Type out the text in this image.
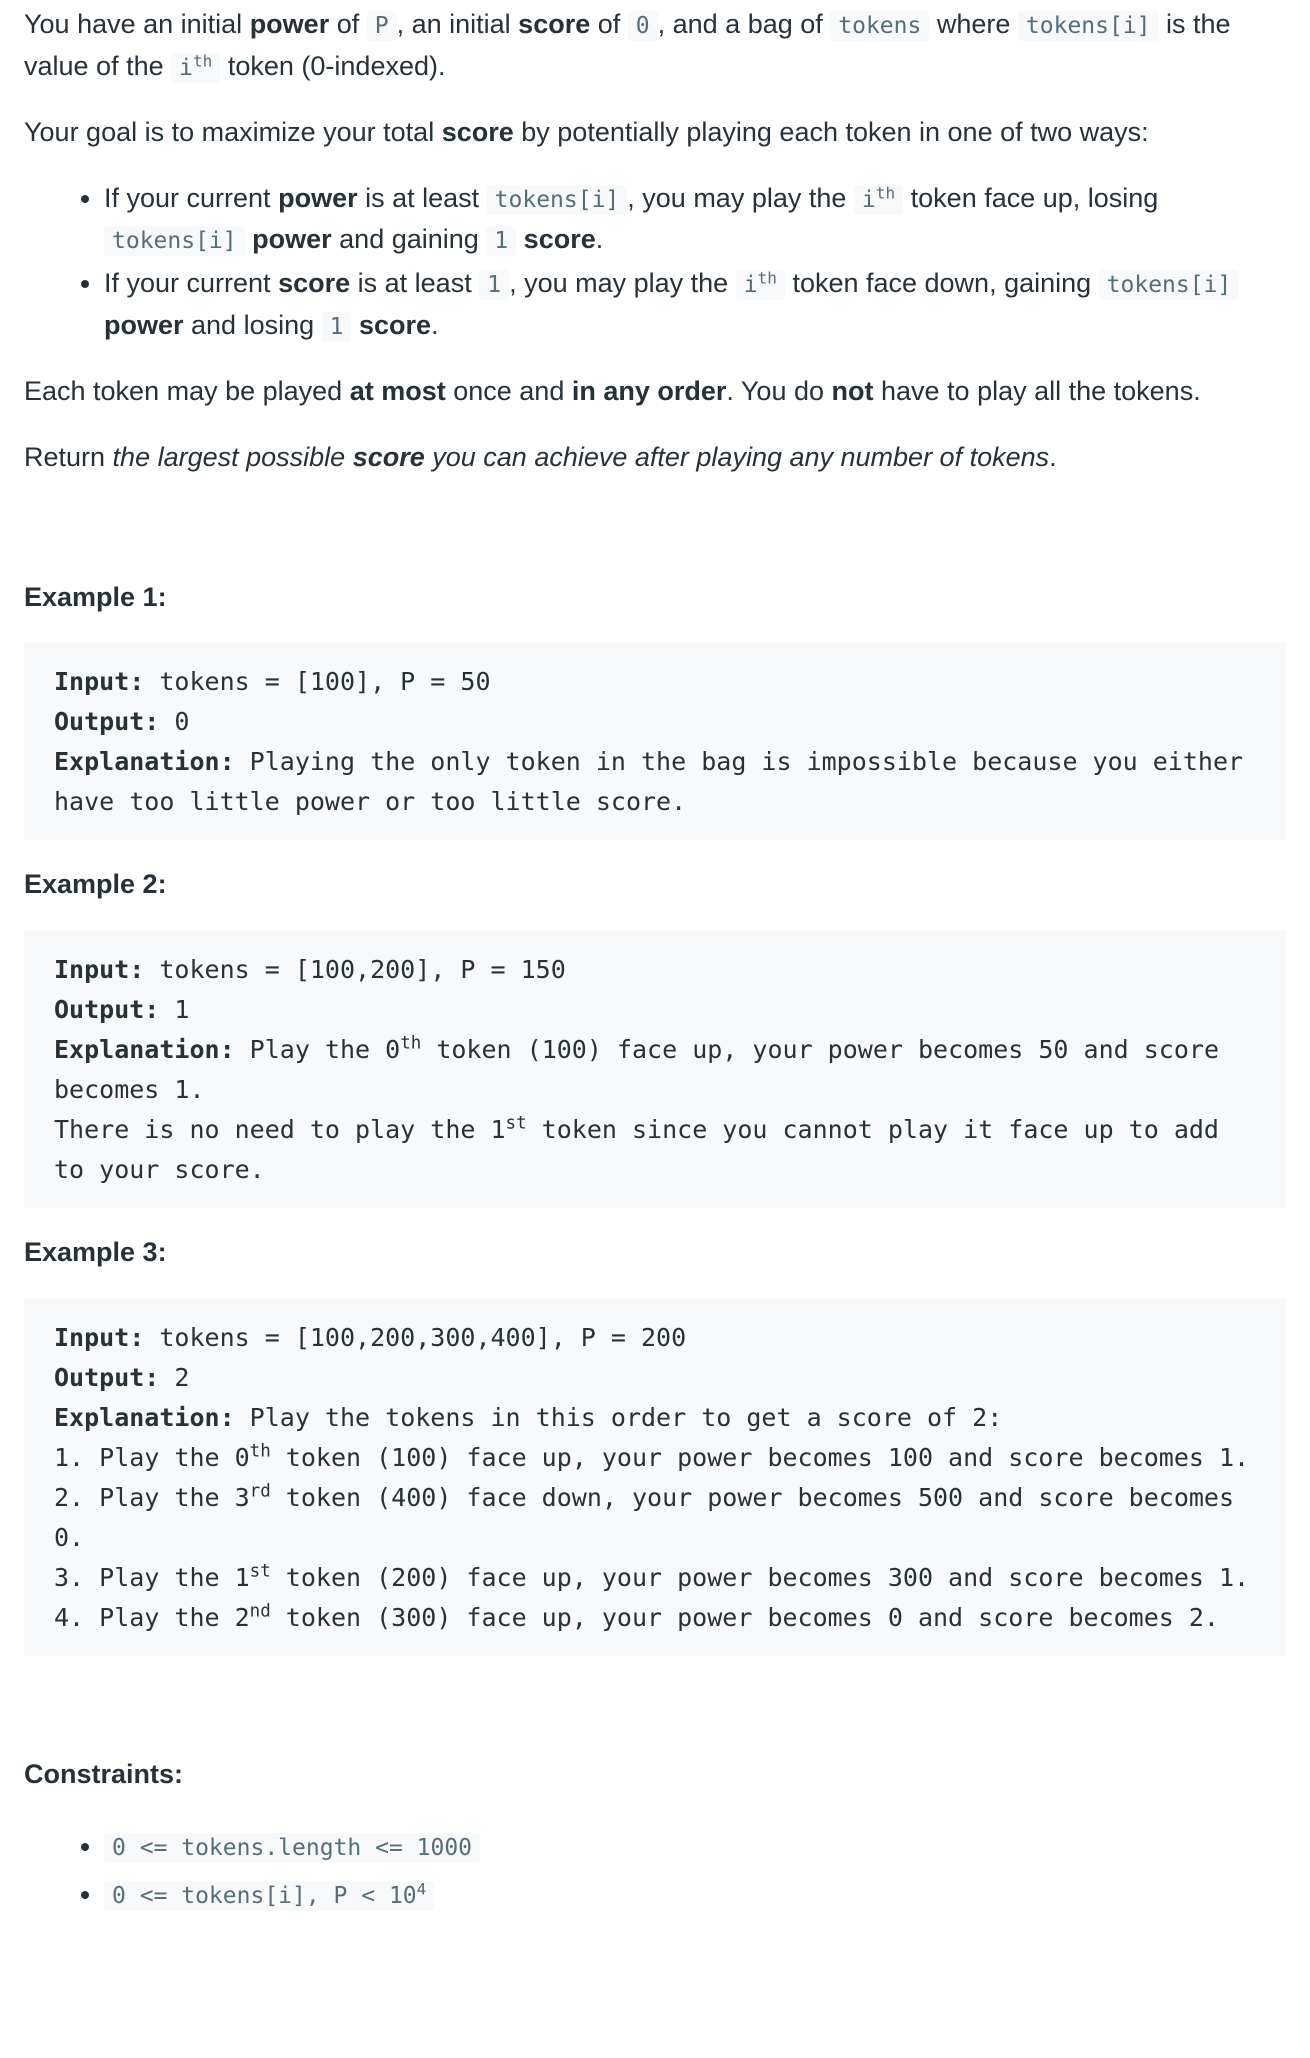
You have an initial power of P , an initial score of 0 , and a bag of tokens where tokens[i] is the value of the $i^{th}$ token (0-indexed).

Your goal is to maximize your total score by potentially playing each token in one of two ways:

• If your current power is at least tokens[i] , you may play the $i^{th}$ token face up, losing tokens[i] power and gaining 1 score.
• If your current score is at least 1 , you may play the $i^{th}$ token face down, gaining tokens[i] power and losing 1 score.

Each token may be played at most once and in any order. You do not have to play all the tokens.

Return the largest possible score you can achieve after playing any number of tokens.

Example 1:

Input: tokens = [100], P = 50
Output: 0
Explanation: Playing the only token in the bag is impossible because you either have too little power or too little score.

Example 2:

Input: tokens = [100,200], P = 150
Output: 1
Explanation: Play the 0th token (100) face up, your power becomes 50 and score becomes 1.
There is no need to play the 1st token since you cannot play it face up to add to your score.

Example 3:

Input: tokens = [100,200,300,400], P = 200
Output: 2
Explanation: Play the tokens in this order to get a score of 2:
1. Play the 0th token (100) face up, your power becomes 100 and score becomes 1.
2. Play the 3rd token (400) face down, your power becomes 500 and score becomes 0.
3. Play the 1st token (200) face up, your power becomes 300 and score becomes 1.
4. Play the 2nd token (300) face up, your power becomes 0 and score becomes 2.

Constraints:

• 0 <= tokens.length <= 1000
• 0 <= tokens[i], $P < 10^4$
